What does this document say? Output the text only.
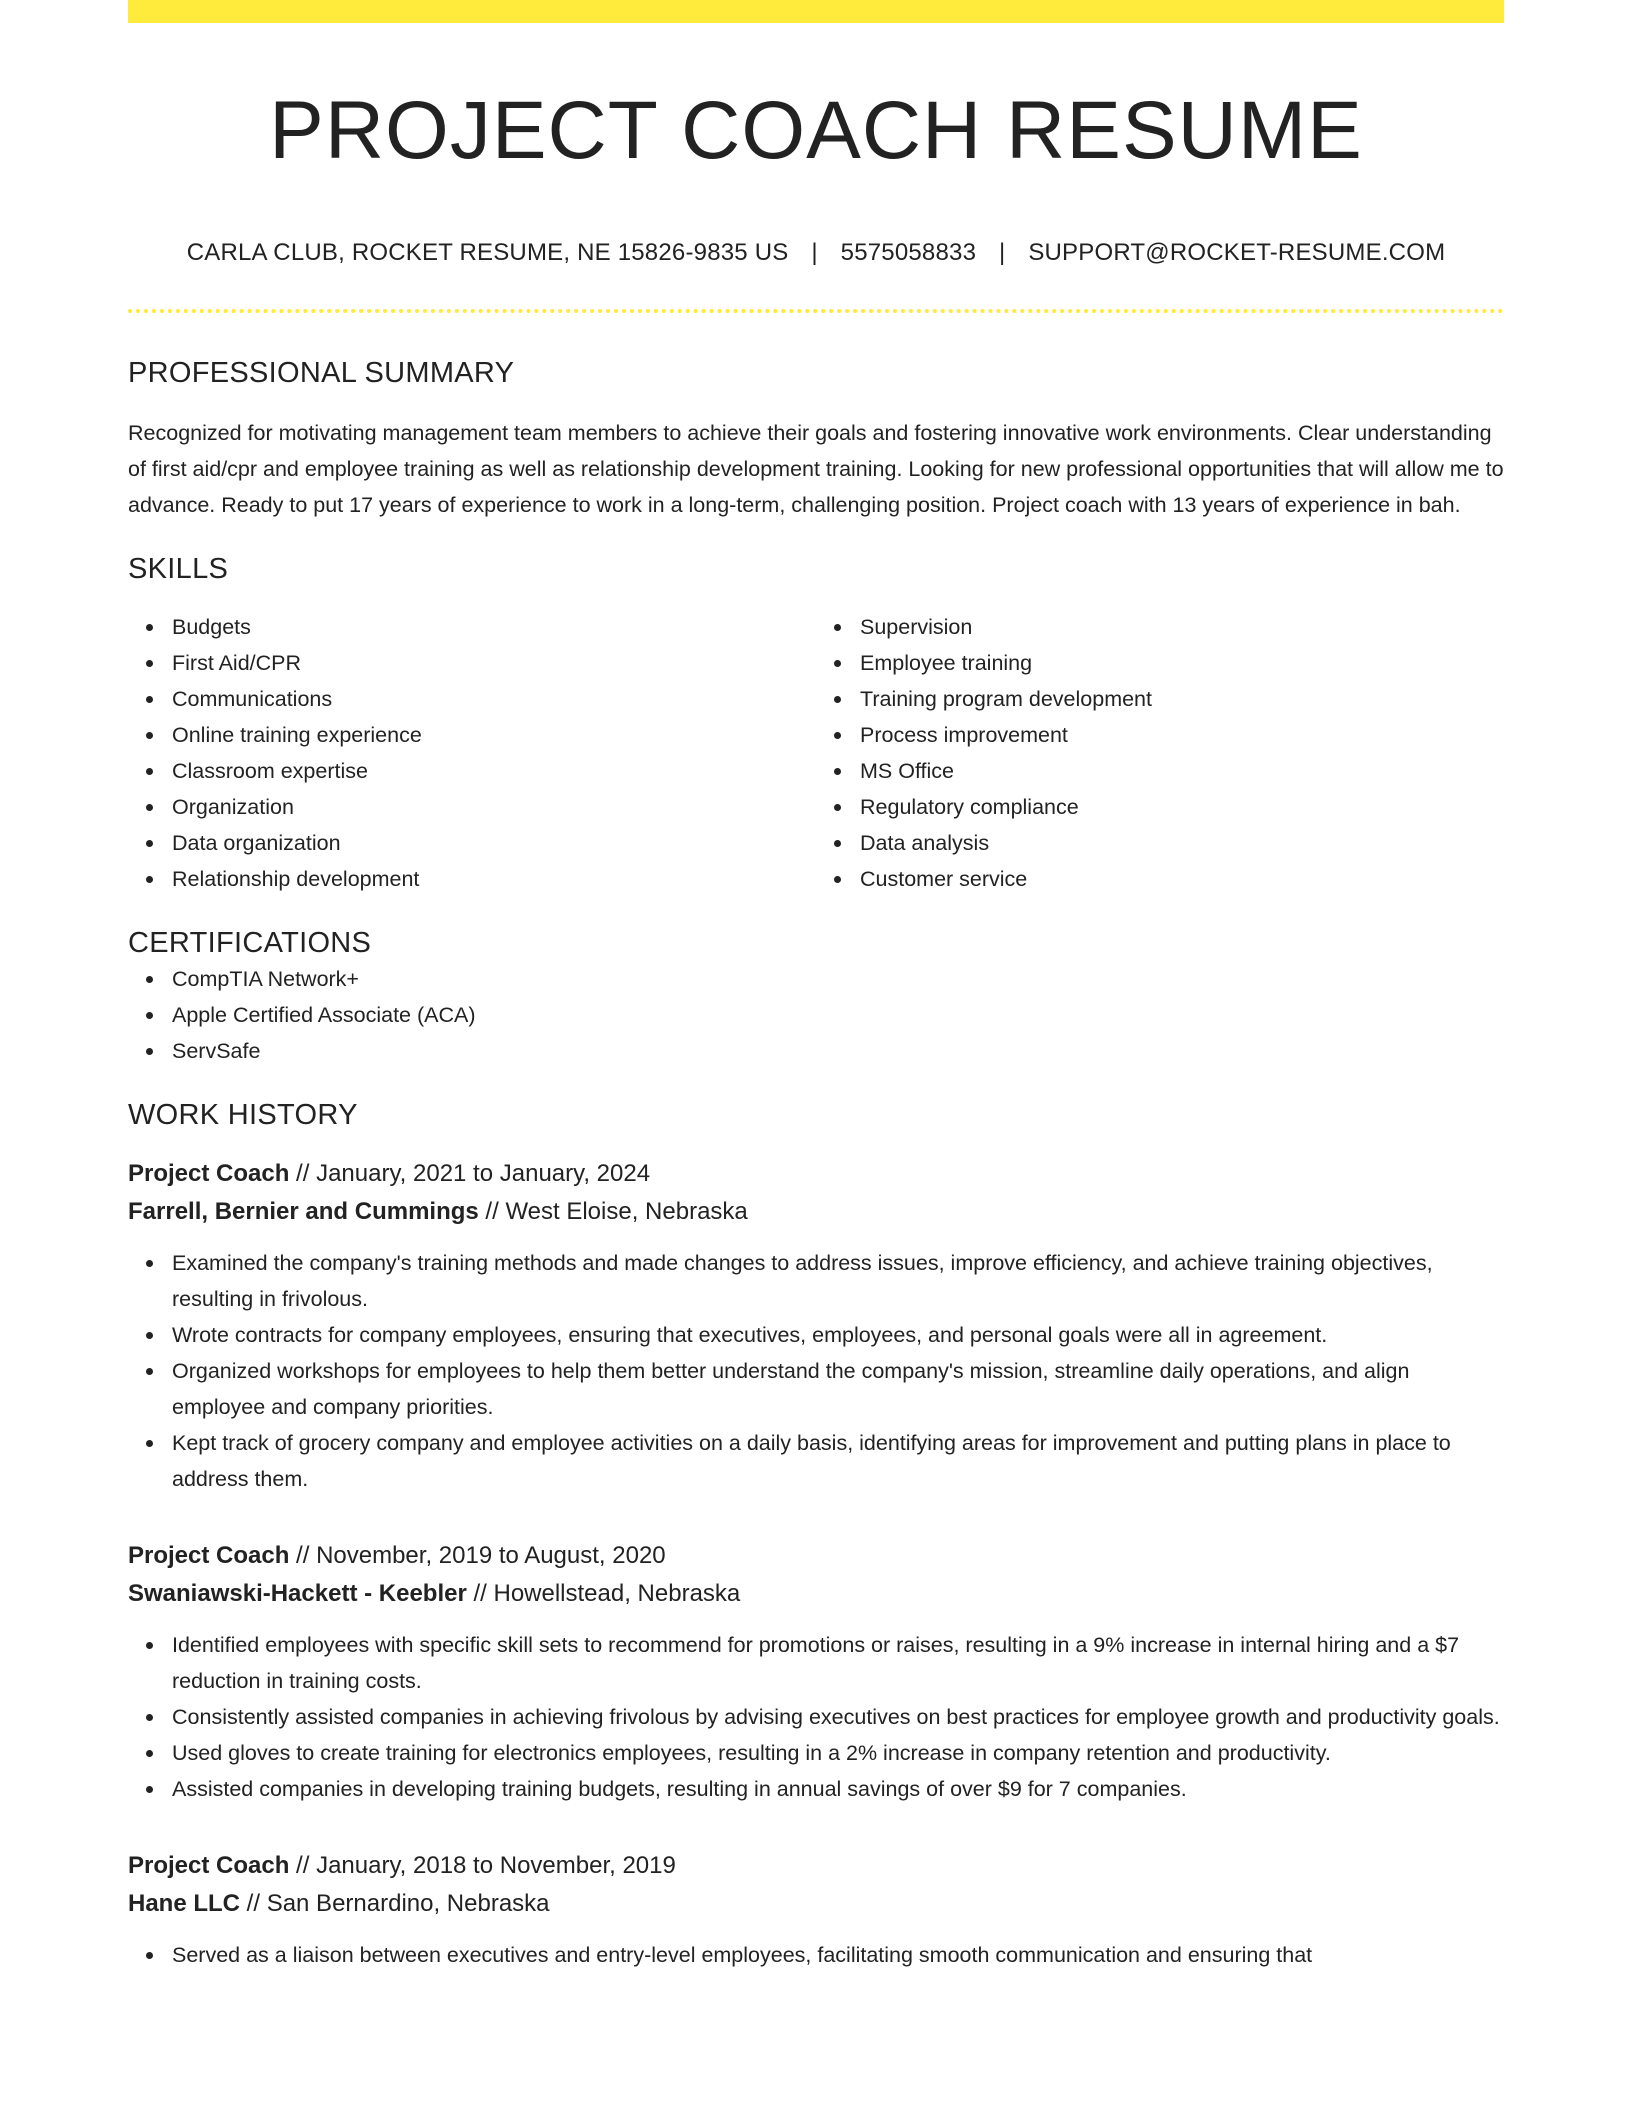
PROJECT COACH RESUME
CARLA CLUB, ROCKET RESUME, NE 15826-9835 US | 5575058833 | SUPPORT@ROCKET-RESUME.COM
PROFESSIONAL SUMMARY

Recognized for motivating management team members to achieve their goals and fostering innovative work environments. Clear understanding of first aid/cpr and employee training as well as relationship development training. Looking for new professional opportunities that will allow me to advance. Ready to put 17 years of experience to work in a long-term, challenging position. Project coach with 13 years of experience in bah.

SKILLS
Budgets
First Aid/CPR
Communications
Online training experience
Classroom expertise
Organization
Data organization
Relationship development
Supervision
Employee training
Training program development
Process improvement
MS Office
Regulatory compliance
Data analysis
Customer service
CERTIFICATIONS
CompTIA Network+
Apple Certified Associate (ACA)
ServSafe
WORK HISTORY
Project Coach // January, 2021 to January, 2024
Farrell, Bernier and Cummings // West Eloise, Nebraska
Examined the company's training methods and made changes to address issues, improve efficiency, and achieve training objectives, resulting in frivolous.
Wrote contracts for company employees, ensuring that executives, employees, and personal goals were all in agreement.
Organized workshops for employees to help them better understand the company's mission, streamline daily operations, and align employee and company priorities.
Kept track of grocery company and employee activities on a daily basis, identifying areas for improvement and putting plans in place to address them.
Project Coach // November, 2019 to August, 2020
Swaniawski-Hackett - Keebler // Howellstead, Nebraska
Identified employees with specific skill sets to recommend for promotions or raises, resulting in a 9% increase in internal hiring and a $7 reduction in training costs.
Consistently assisted companies in achieving frivolous by advising executives on best practices for employee growth and productivity goals.
Used gloves to create training for electronics employees, resulting in a 2% increase in company retention and productivity.
Assisted companies in developing training budgets, resulting in annual savings of over $9 for 7 companies.
Project Coach // January, 2018 to November, 2019
Hane LLC // San Bernardino, Nebraska
Served as a liaison between executives and entry-level employees, facilitating smooth communication and ensuring that
